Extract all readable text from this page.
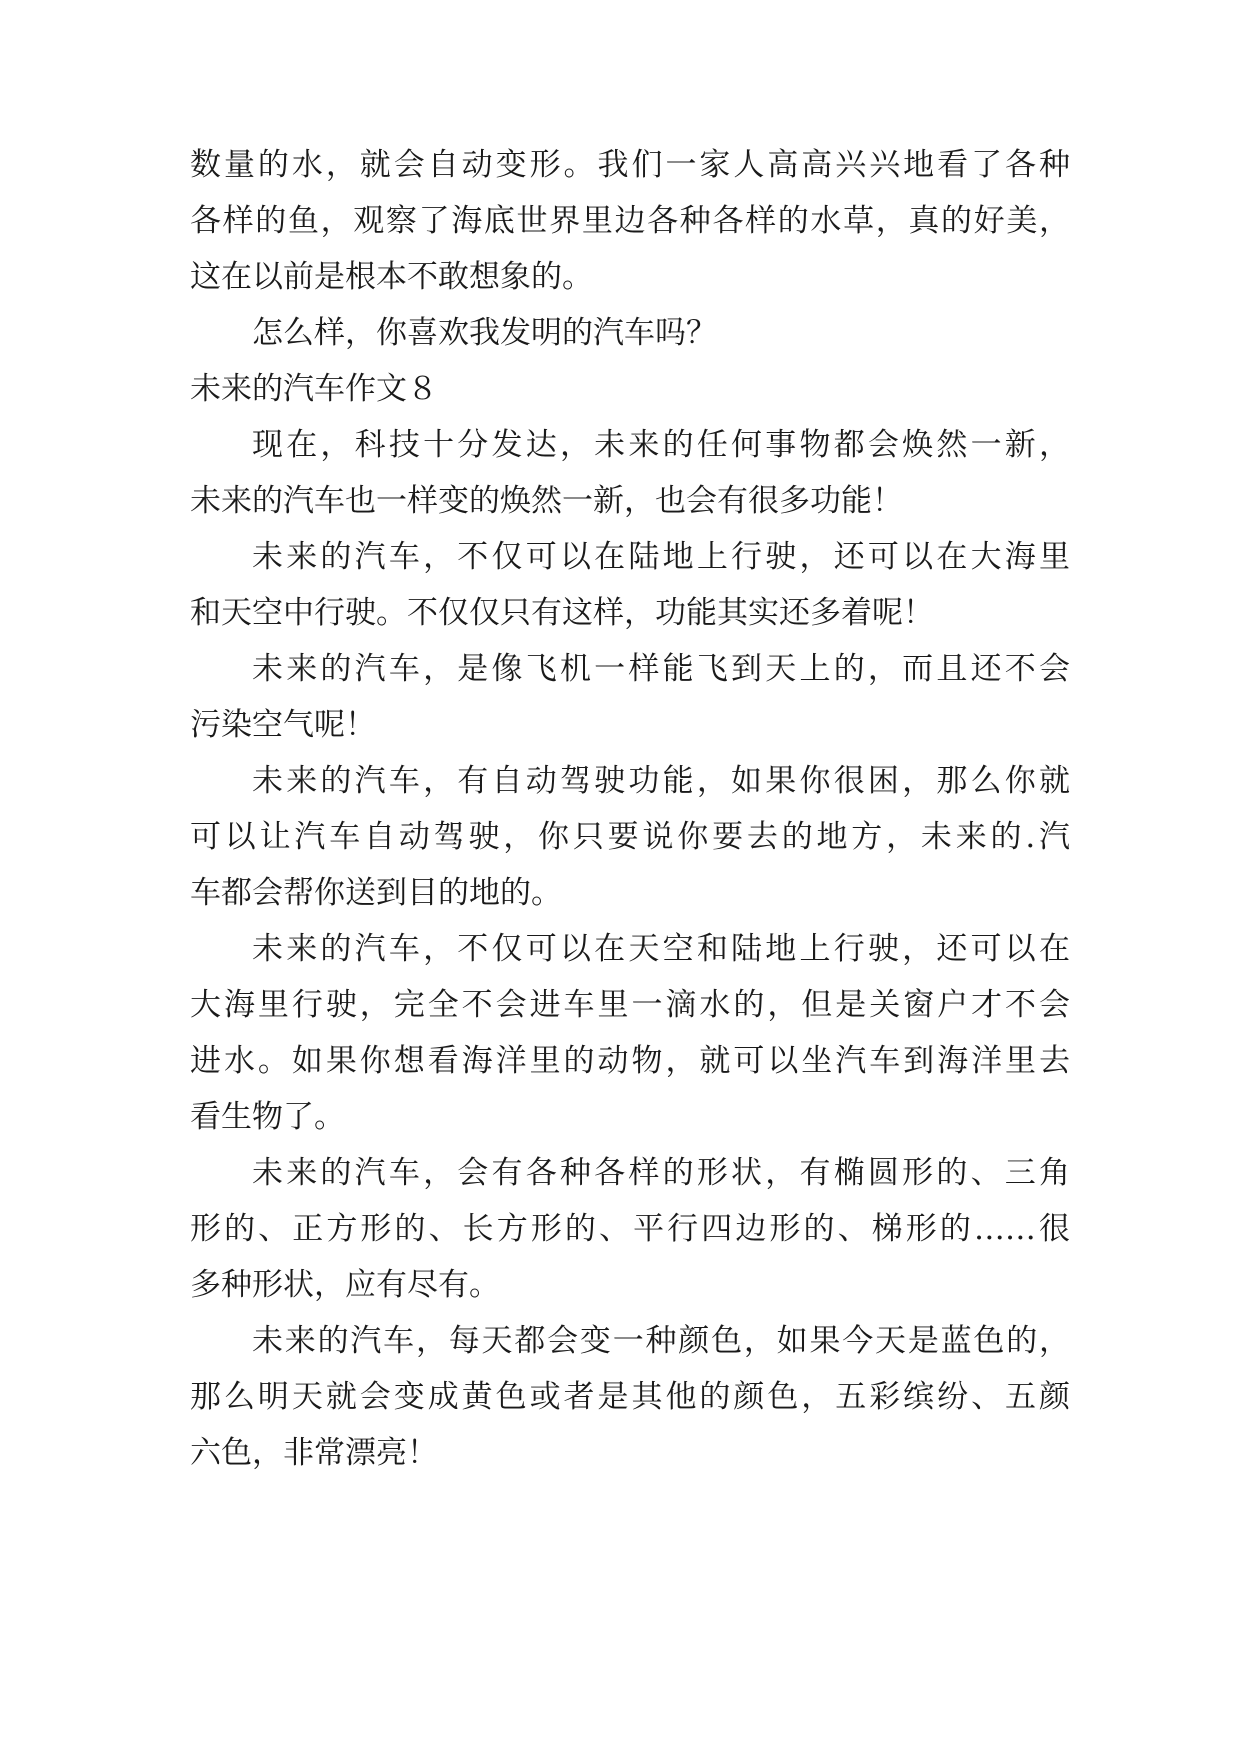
数量的水，就会自动变形。我们一家人高高兴兴地看了各种

各样的鱼，观察了海底世界里边各种各样的水草，真的好美，

这在以前是根本不敢想象的。

怎么样，你喜欢我发明的汽车吗？

未来的汽车作文８

现在，科技十分发达，未来的任何事物都会焕然一新，

未来的汽车也一样变的焕然一新，也会有很多功能！

未来的汽车，不仅可以在陆地上行驶，还可以在大海里

和天空中行驶。不仅仅只有这样，功能其实还多着呢！

未来的汽车，是像飞机一样能飞到天上的，而且还不会

污染空气呢！

未来的汽车，有自动驾驶功能，如果你很困，那么你就

可以让汽车自动驾驶，你只要说你要去的地方，未来的.汽

车都会帮你送到目的地的。

未来的汽车，不仅可以在天空和陆地上行驶，还可以在

大海里行驶，完全不会进车里一滴水的，但是关窗户才不会

进水。如果你想看海洋里的动物，就可以坐汽车到海洋里去

看生物了。

未来的汽车，会有各种各样的形状，有椭圆形的、三角

形的、正方形的、长方形的、平行四边形的、梯形的……很

多种形状，应有尽有。

未来的汽车，每天都会变一种颜色，如果今天是蓝色的，

那么明天就会变成黄色或者是其他的颜色，五彩缤纷、五颜

六色，非常漂亮！
